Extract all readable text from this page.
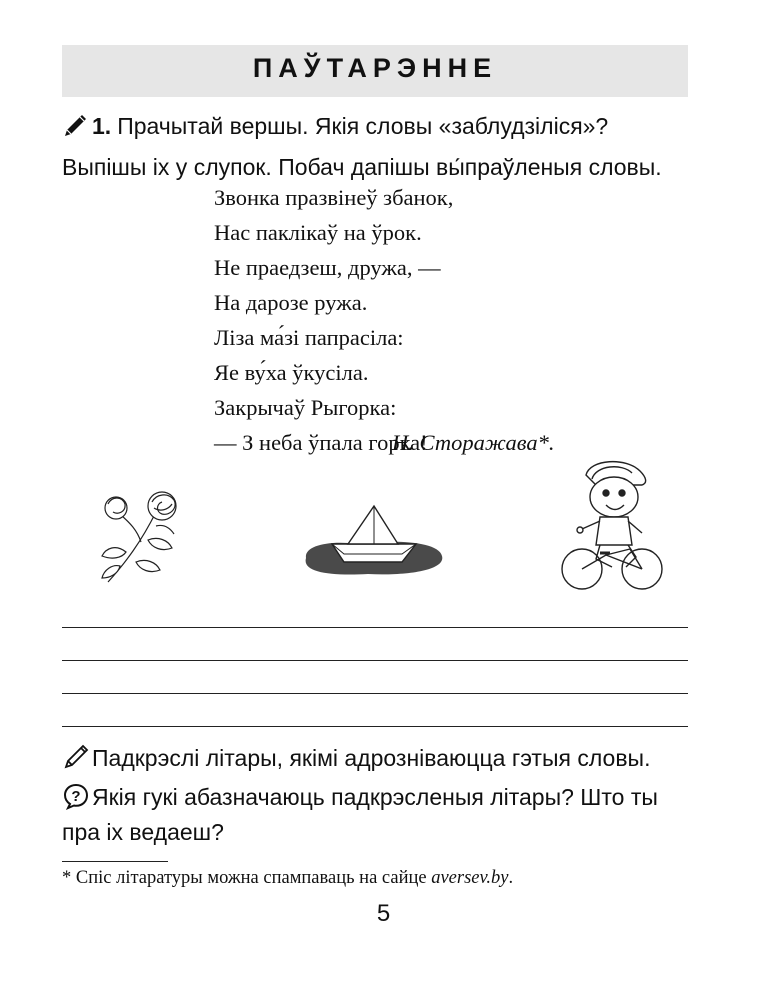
ПАЎТАРЭННЕ
1. Прачытай вершы. Якія словы «заблудзіліся»? Выпішы іх у слупок. Побач дапішы вы́праўленыя словы.
Звонка празвінеў збанок,
Нас паклікаў на ўрок.
Не праедзеш, дружа, —
На дарозе ружа.
Ліза ма́зі папрасіла:
Яе ву́ха ўкусіла.
Закрычаў Рыгорка:
— З неба ўпала горка!
Н. Сторажава*.
Падкрэслі літары, якімі адрозніваюцца гэтыя словы.
? Якія гукі абазначаюць падкрэсленыя літары? Што ты
пра іх ведаеш?
* Спіс літаратуры можна спампаваць на сайце aversev.by.
5
